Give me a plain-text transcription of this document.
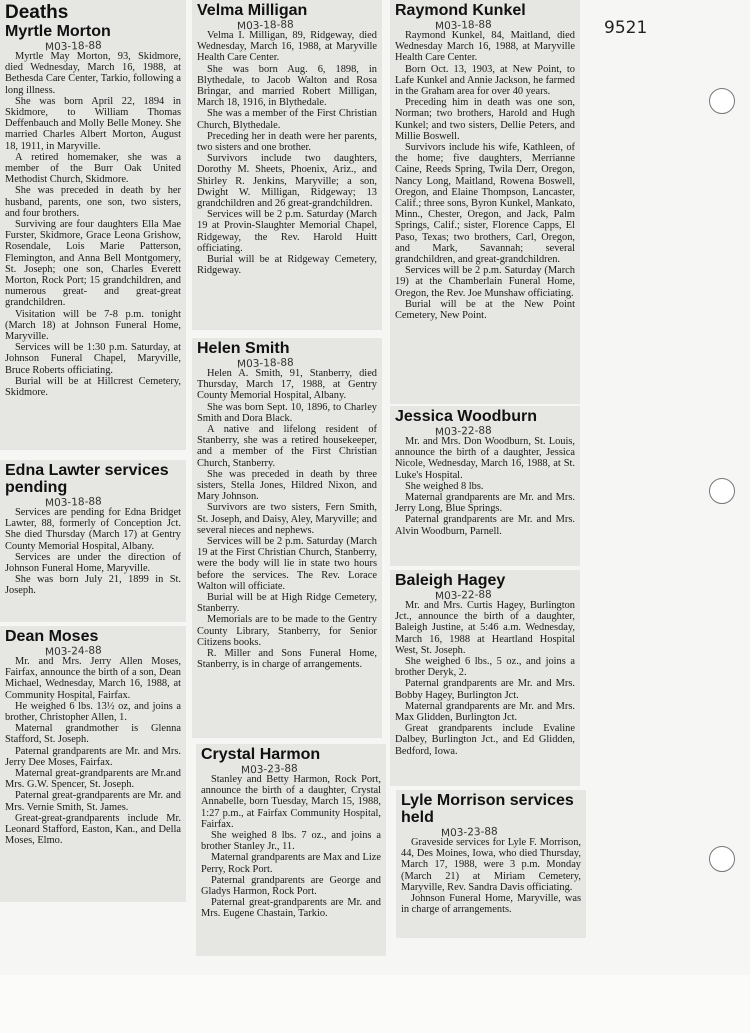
9521
Deaths
Myrtle Morton
M03-18-88

Myrtle May Morton, 93, Skidmore, died Wednesday, March 16, 1988, at Bethesda Care Center, Tarkio, following a long illness.

She was born April 22, 1894 in Skidmore, to William Thomas Deffenbauch and Molly Belle Money. She married Charles Albert Morton, August 18, 1911, in Maryville.

A retired homemaker, she was a member of the Burr Oak United Methodist Church, Skidmore.

She was preceded in death by her husband, parents, one son, two sisters, and four brothers.

Surviving are four daughters Ella Mae Furster, Skidmore, Grace Leona Grishow, Rosendale, Lois Marie Patterson, Flemington, and Anna Bell Montgomery, St. Joseph; one son, Charles Everett Morton, Rock Port; 15 grandchildren, and numerous great- and great-great grandchildren.

Visitation will be 7-8 p.m. tonight (March 18) at Johnson Funeral Home, Maryville.

Services will be 1:30 p.m. Saturday, at Johnson Funeral Chapel, Maryville, Bruce Roberts officiating.

Burial will be at Hillcrest Cemetery, Skidmore.

Edna Lawter services pending
M03-18-88

Services are pending for Edna Bridget Lawter, 88, formerly of Conception Jct. She died Thursday (March 17) at Gentry County Memorial Hospital, Albany.

Services are under the direction of Johnson Funeral Home, Maryville.

She was born July 21, 1899 in St. Joseph.

Dean Moses
M03-24-88

Mr. and Mrs. Jerry Allen Moses, Fairfax, announce the birth of a son, Dean Michael, Wednesday, March 16, 1988, at Community Hospital, Fairfax.

He weighed 6 lbs. 13½ oz, and joins a brother, Christopher Allen, 1.

Maternal grandmother is Glenna Stafford, St. Joseph.

Paternal grandparents are Mr. and Mrs. Jerry Dee Moses, Fairfax.

Maternal great-grandparents are Mr.and Mrs. G.W. Spencer, St. Joseph.

Paternal great-grandparents are Mr. and Mrs. Vernie Smith, St. James.

Great-great-grandparents include Mr. Leonard Stafford, Easton, Kan., and Della Moses, Elmo.

Velma Milligan
M03-18-88

Velma I. Milligan, 89, Ridgeway, died Wednesday, March 16, 1988, at Maryville Health Care Center.

She was born Aug. 6, 1898, in Blythedale, to Jacob Walton and Rosa Bringar, and married Robert Milligan, March 18, 1916, in Blythedale.

She was a member of the First Christian Church, Blythedale.

Preceding her in death were her parents, two sisters and one brother.

Survivors include two daughters, Dorothy M. Sheets, Phoenix, Ariz., and Shirley R. Jenkins, Maryville; a son, Dwight W. Milligan, Ridgeway; 13 grandchildren and 26 great-grandchildren.

Services will be 2 p.m. Saturday (March 19 at Provin-Slaughter Memorial Chapel, Ridgeway, the Rev. Harold Huitt officiating.

Burial will be at Ridgeway Cemetery, Ridgeway.

Helen Smith
M03-18-88

Helen A. Smith, 91, Stanberry, died Thursday, March 17, 1988, at Gentry County Memorial Hospital, Albany.

She was born Sept. 10, 1896, to Charley Smith and Dora Black.

A native and lifelong resident of Stanberry, she was a retired housekeeper, and a member of the First Christian Church, Stanberry.

She was preceded in death by three sisters, Stella Jones, Hildred Nixon, and Mary Johnson.

Survivors are two sisters, Fern Smith, St. Joseph, and Daisy, Aley, Maryville; and several nieces and nephews.

Services will be 2 p.m. Saturday (March 19 at the First Christian Church, Stanberry, were the body will lie in state two hours before the services. The Rev. Lorace Walton will officiate.

Burial will be at High Ridge Cemetery, Stanberry.

Memorials are to be made to the Gentry County Library, Stanberry, for Senior Citizens books.

R. Miller and Sons Funeral Home, Stanberry, is in charge of arrangements.

Crystal Harmon
M03-23-88

Stanley and Betty Harmon, Rock Port, announce the birth of a daughter, Crystal Annabelle, born Tuesday, March 15, 1988, 1:27 p.m., at Fairfax Community Hospital, Fairfax.

She weighed 8 lbs. 7 oz., and joins a brother Stanley Jr., 11.

Maternal grandparents are Max and Lize Perry, Rock Port.

Paternal grandparents are George and Gladys Harmon, Rock Port.

Paternal great-grandparents are Mr. and Mrs. Eugene Chastain, Tarkio.

Raymond Kunkel
M03-18-88

Raymond Kunkel, 84, Maitland, died Wednesday March 16, 1988, at Maryville Health Care Center.

Born Oct. 13, 1903, at New Point, to Lafe Kunkel and Annie Jackson, he farmed in the Graham area for over 40 years.

Preceding him in death was one son, Norman; two brothers, Harold and Hugh Kunkel; and two sisters, Dellie Peters, and Millie Boswell.

Survivors include his wife, Kathleen, of the home; five daughters, Merrianne Caine, Reeds Spring, Twila Derr, Oregon, Nancy Long, Maitland, Rowena Boswell, Oregon, and Elaine Thompson, Lancaster, Calif.; three sons, Byron Kunkel, Mankato, Minn., Chester, Oregon, and Jack, Palm Springs, Calif.; sister, Florence Capps, El Paso, Texas; two brothers, Carl, Oregon, and Mark, Savannah; several grandchildren, and great-grandchildren.

Services will be 2 p.m. Saturday (March 19) at the Chamberlain Funeral Home, Oregon, the Rev. Joe Munshaw officiating.

Burial will be at the New Point Cemetery, New Point.

Jessica Woodburn
M03-22-88

Mr. and Mrs. Don Woodburn, St. Louis, announce the birth of a daughter, Jessica Nicole, Wednesday, March 16, 1988, at St. Luke's Hospital.

She weighed 8 lbs.

Maternal grandparents are Mr. and Mrs. Jerry Long, Blue Springs.

Paternal grandparents are Mr. and Mrs. Alvin Woodburn, Parnell.

Baleigh Hagey
M03-22-88

Mr. and Mrs. Curtis Hagey, Burlington Jct., announce the birth of a daughter, Baleigh Justine, at 5:46 a.m. Wednesday, March 16, 1988 at Heartland Hospital West, St. Joseph.

She weighed 6 lbs., 5 oz., and joins a brother Deryk, 2.

Paternal grandparents are Mr. and Mrs. Bobby Hagey, Burlington Jct.

Maternal grandparents are Mr. and Mrs. Max Glidden, Burlington Jct.

Great grandparents include Evaline Dalbey, Burlington Jct., and Ed Glidden, Bedford, Iowa.

Lyle Morrison services held
M03-23-88

Graveside services for Lyle F. Morrison, 44, Des Moines, Iowa, who died Thursday, March 17, 1988, were 3 p.m. Monday (March 21) at Miriam Cemetery, Maryville, Rev. Sandra Davis officiating.

Johnson Funeral Home, Maryville, was in charge of arrangements.
